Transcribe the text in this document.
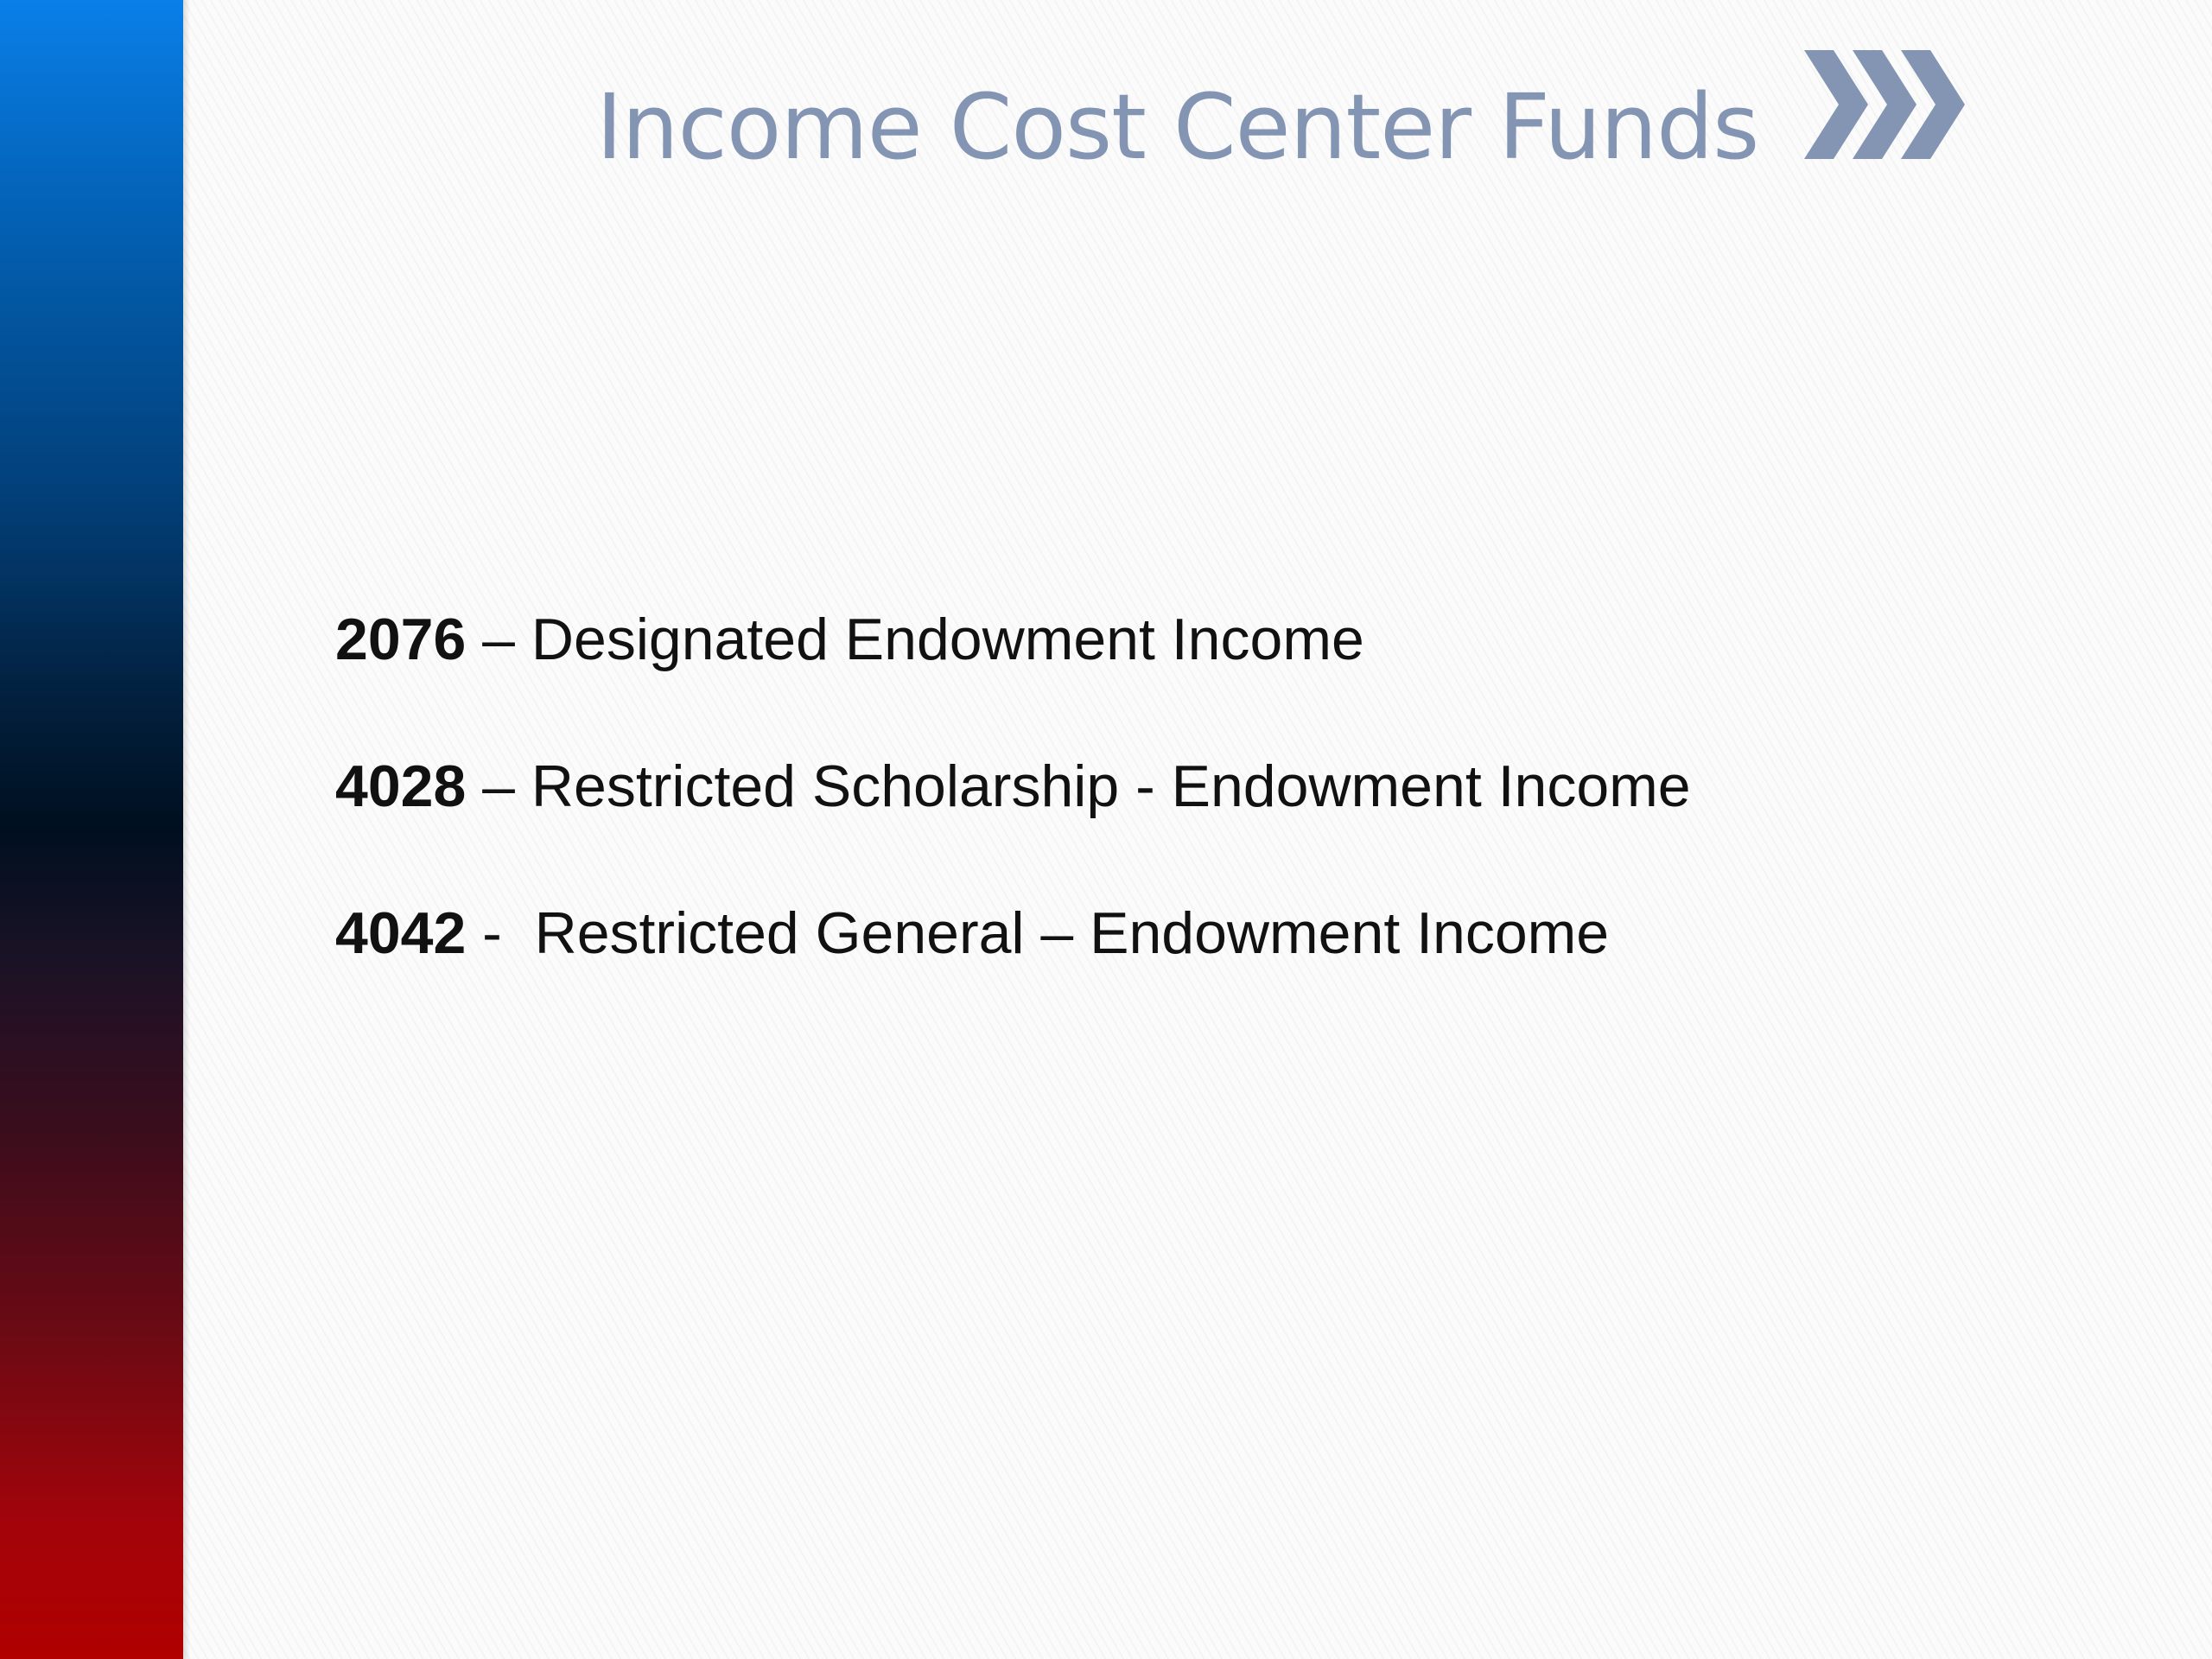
Income Cost Center Funds
2076 – Designated Endowment Income
4028 – Restricted Scholarship - Endowment Income
4042 -  Restricted General – Endowment Income
